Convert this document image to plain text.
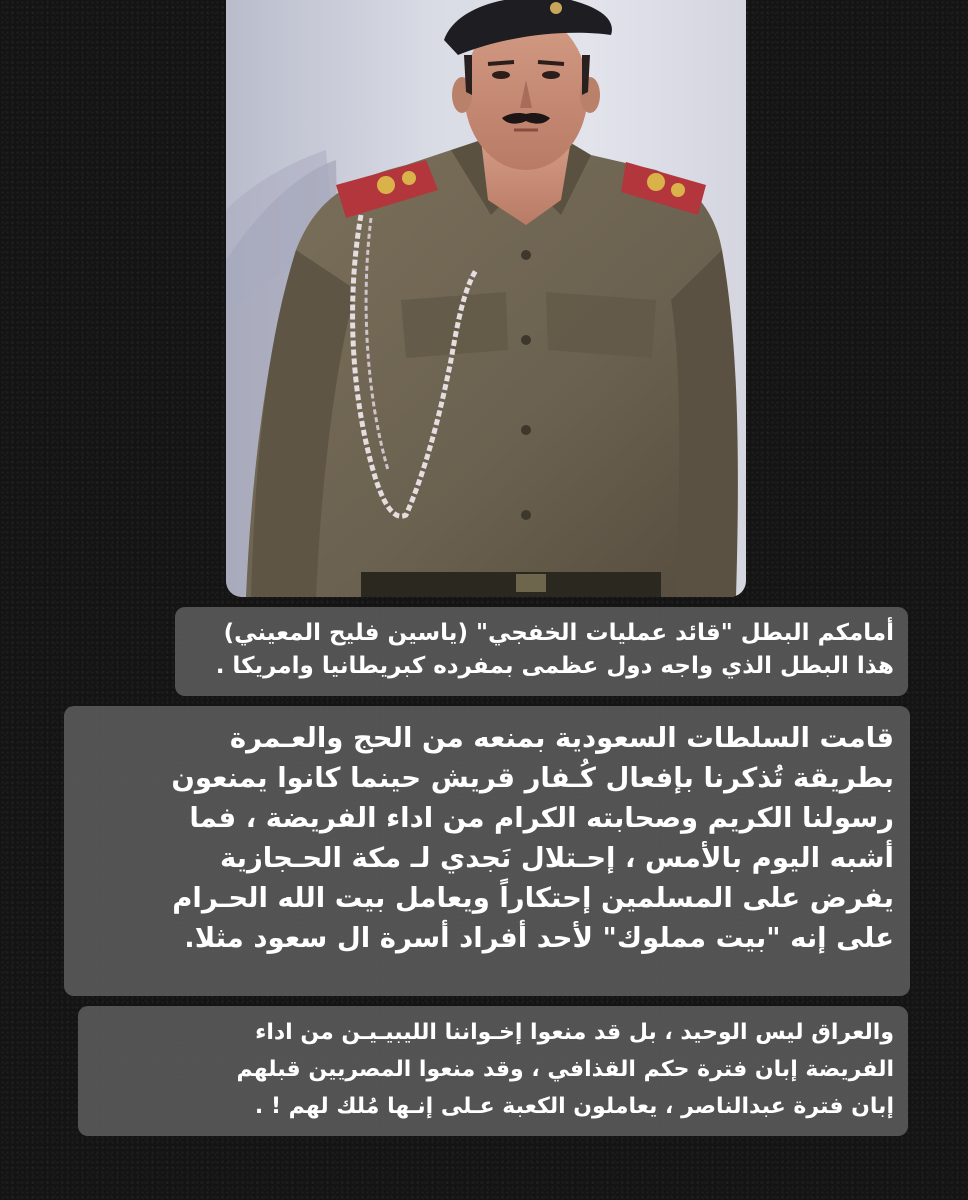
أمامكم البطل "قائد عمليات الخفجي" (ياسين فليح المعيني)
هذا البطل الذي واجه دول عظمى بمفرده كبريطانيا وامريكا .
قامت السلطات السعودية بمنعه من الحج والعـمرة
بطريقة تُذكرنا بإفعال كُـفار قريش حينما كانوا يمنعون
رسولنا الكريم وصحابته الكرام من اداء الفريضة ، فما
أشبه اليوم بالأمس ، إحـتلال نَجدي لـ مكة الحـجازية
يفرض على المسلمين إحتكاراً ويعامل بيت الله الحـرام
على إنه "بيت مملوك" لأحد أفراد أسرة ال سعود مثلا.
والعراق ليس الوحيد ، بل قد منعوا إخـواننا الليبيـيـن من اداء
الفريضة إبان فترة حكم القذافي ، وقد منعوا المصريين قبلهم
إبان فترة عبدالناصر ، يعاملون الكعبة عـلى إنـها مُلك لهم ! .
